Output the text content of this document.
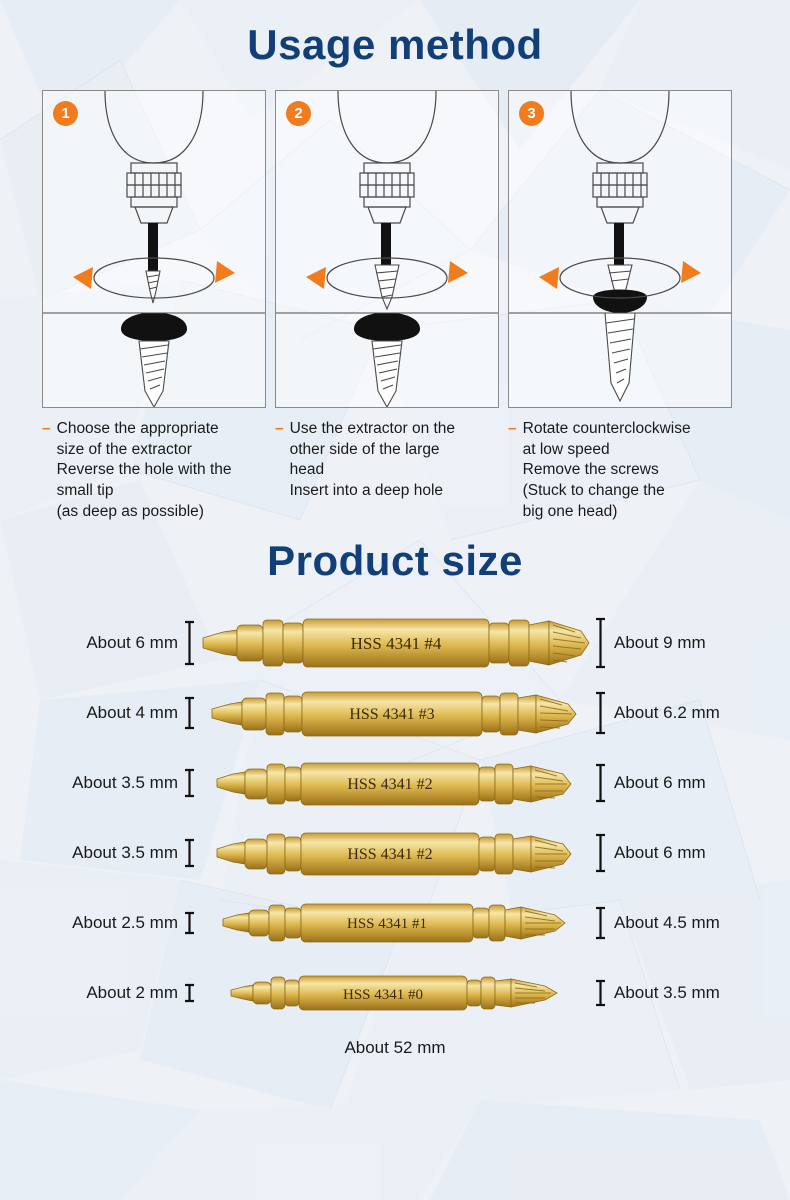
Usage method
1
– Choose the appropriate
size of the extractor
Reverse the hole with the
small tip
(as deep as possible)
2
– Use the extractor on the
other side of the large
head
Insert into a deep hole
3
– Rotate counterclockwise
at low speed
Remove the screws
(Stuck to change the
big one head)
Product size
About 6 mm	HSS 4341 #4	About 9 mm
About 4 mm	HSS 4341 #3	About 6.2 mm
About 3.5 mm	HSS 4341 #2	About 6 mm
About 3.5 mm	HSS 4341 #2	About 6 mm
About 2.5 mm	HSS 4341 #1	About 4.5 mm
About 2 mm	HSS 4341 #0	About 3.5 mm
About 52 mm
